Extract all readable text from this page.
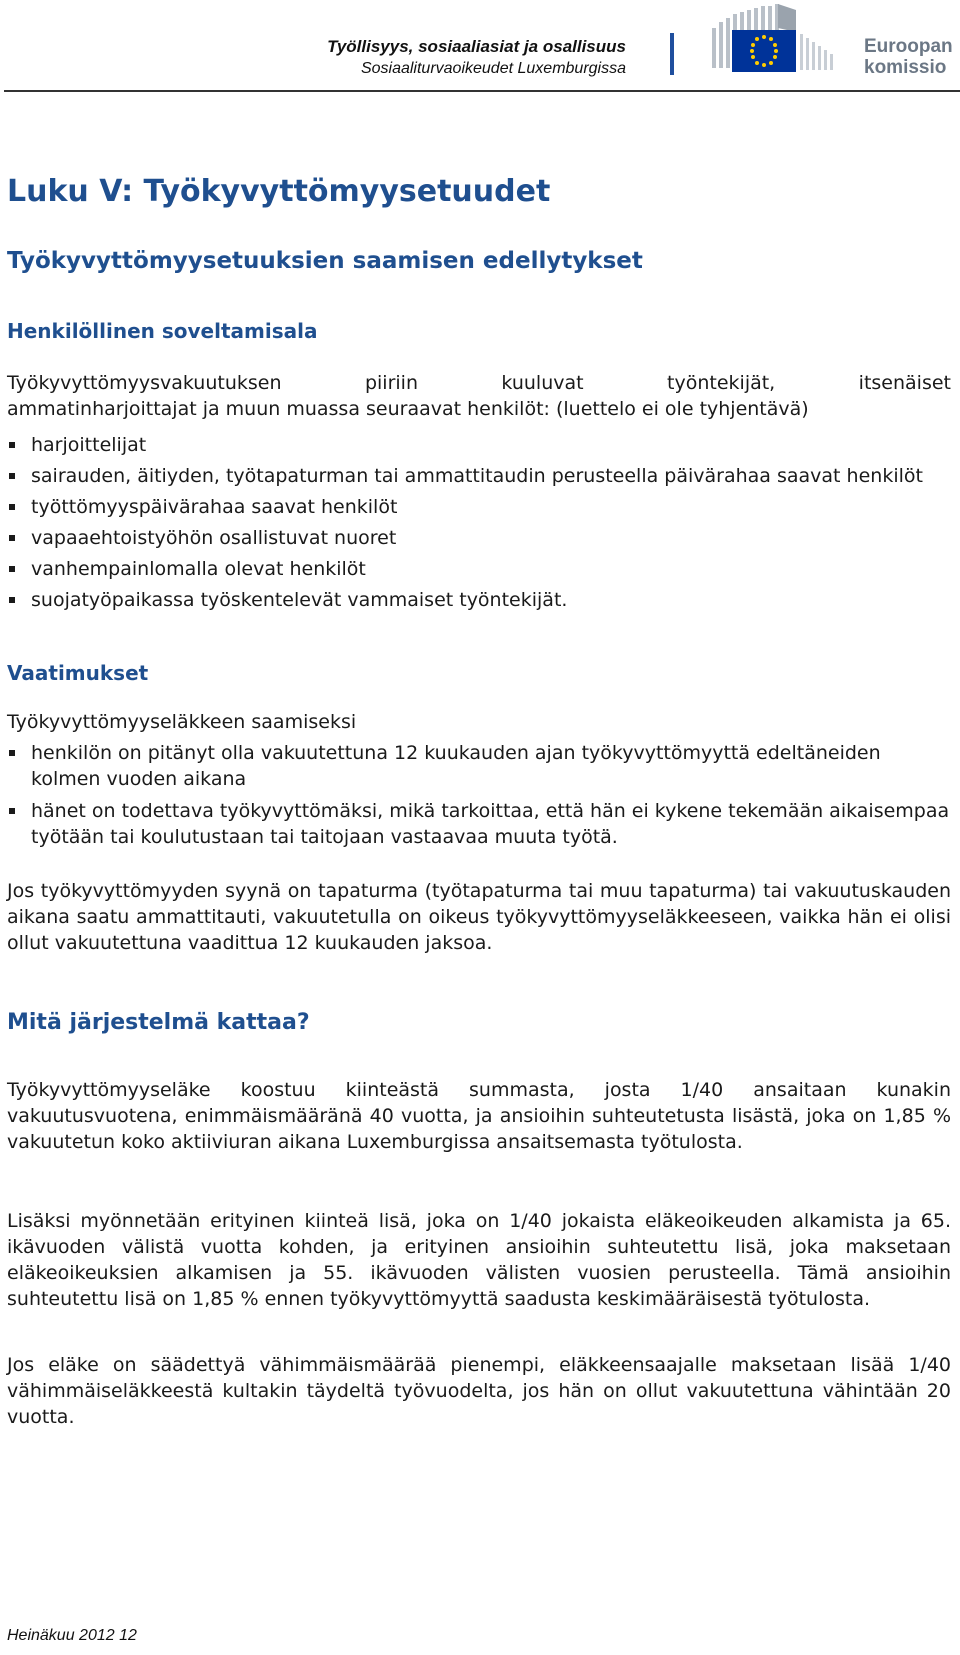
Työllisyys, sosiaaliasiat ja osallisuus
Sosiaaliturvaoikeudet Luxemburgissa
Euroopan
komissio
Luku V: Työkyvyttömyysetuudet
Työkyvyttömyysetuuksien saamisen edellytykset
Henkilöllinen soveltamisala
Työkyvyttömyysvakuutuksen	piiriin	kuuluvat	työntekijät,	itsenäiset
ammatinharjoittajat ja muun muassa seuraavat henkilöt: (luettelo ei ole tyhjentävä)
harjoittelijat
sairauden, äitiyden, työtapaturman tai ammattitaudin perusteella päivärahaa saavat henkilöt
työttömyyspäivärahaa saavat henkilöt
vapaaehtoistyöhön osallistuvat nuoret
vanhempainlomalla olevat henkilöt
suojatyöpaikassa työskentelevät vammaiset työntekijät.
Vaatimukset
Työkyvyttömyyseläkkeen saamiseksi
henkilön on pitänyt olla vakuutettuna 12 kuukauden ajan työkyvyttömyyttä edeltäneiden kolmen vuoden aikana
hänet on todettava työkyvyttömäksi, mikä tarkoittaa, että hän ei kykene tekemään aikaisempaa työtään tai koulutustaan tai taitojaan vastaavaa muuta työtä.
Jos työkyvyttömyyden syynä on tapaturma (työtapaturma tai muu tapaturma) tai vakuutuskauden aikana saatu ammattitauti, vakuutetulla on oikeus työkyvyttömyyseläkkeeseen, vaikka hän ei olisi ollut vakuutettuna vaadittua 12 kuukauden jaksoa.
Mitä järjestelmä kattaa?
Työkyvyttömyyseläke koostuu kiinteästä summasta, josta 1/40 ansaitaan kunakin vakuutusvuotena, enimmäismääränä 40 vuotta, ja ansioihin suhteutetusta lisästä, joka on 1,85 % vakuutetun koko aktiiviuran aikana Luxemburgissa ansaitsemasta työtulosta.
Lisäksi myönnetään erityinen kiinteä lisä, joka on 1/40 jokaista eläkeoikeuden alkamista ja 65. ikävuoden välistä vuotta kohden, ja erityinen ansioihin suhteutettu lisä, joka maksetaan eläkeoikeuksien alkamisen ja 55. ikävuoden välisten vuosien perusteella. Tämä ansioihin suhteutettu lisä on 1,85 % ennen työkyvyttömyyttä saadusta keskimääräisestä työtulosta.
Jos eläke on säädettyä vähimmäismäärää pienempi, eläkkeensaajalle maksetaan lisää 1/40 vähimmäiseläkkeestä kultakin täydeltä työvuodelta, jos hän on ollut vakuutettuna vähintään 20 vuotta.
Heinäkuu 2012 12
